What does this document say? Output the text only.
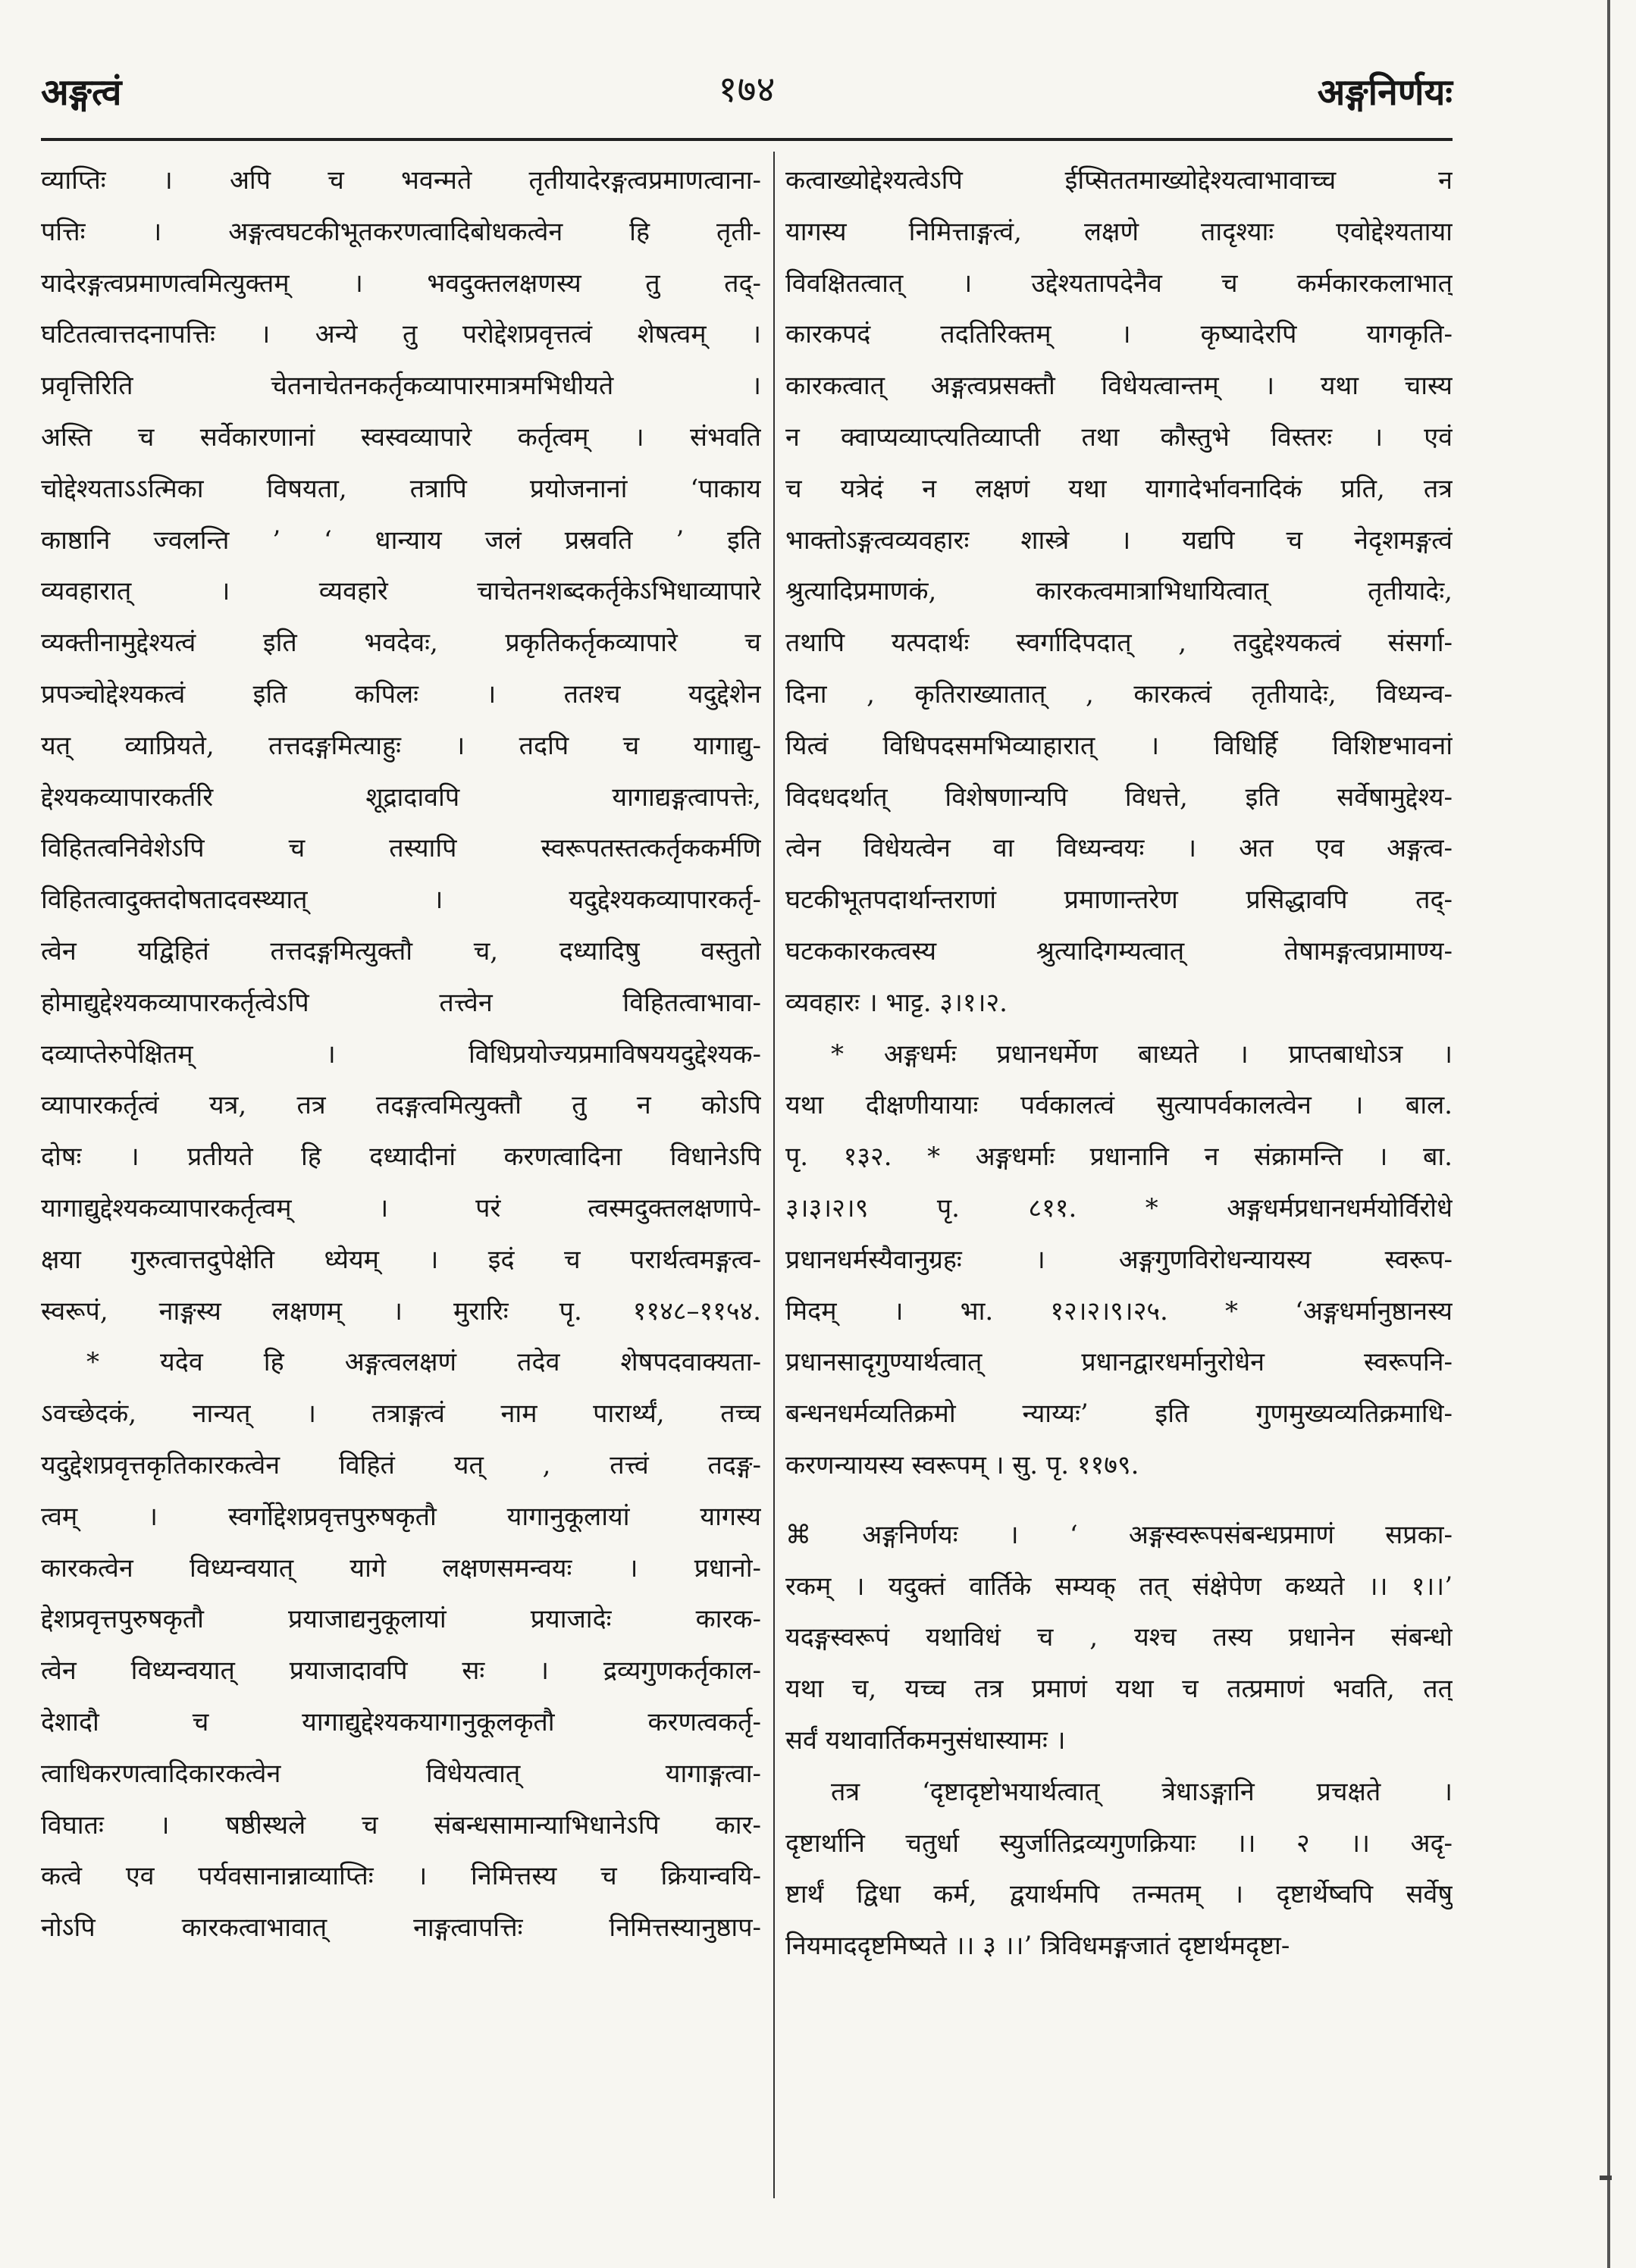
अङ्गत्वं	१७४	अङ्गनिर्णयः
व्याप्तिः । अपि च भवन्मते तृतीयादेरङ्गत्वप्रमाणत्वाना-
पत्तिः । अङ्गत्वघटकीभूतकरणत्वादिबोधकत्वेन हि तृती-
यादेरङ्गत्वप्रमाणत्वमित्युक्तम् । भवदुक्तलक्षणस्य तु तद्-
घटितत्वात्तदनापत्तिः । अन्ये तु परोद्देशप्रवृत्तत्वं शेषत्वम् ।
प्रवृत्तिरिति चेतनाचेतनकर्तृकव्यापारमात्रमभिधीयते ।
अस्ति च सर्वेकारणानां स्वस्वव्यापारे कर्तृत्वम् । संभवति
चोद्देश्यताऽऽत्मिका विषयता, तत्रापि प्रयोजनानां ‘पाकाय
काष्ठानि ज्वलन्ति ’ ‘ धान्याय जलं प्रस्रवति ’ इति
व्यवहारात् । व्यवहारे चाचेतनशब्दकर्तृकेऽभिधाव्यापारे
व्यक्तीनामुद्देश्यत्वं इति भवदेवः, प्रकृतिकर्तृकव्यापारे च
प्रपञ्चोद्देश्यकत्वं इति कपिलः । ततश्च यदुद्देशेन
यत् व्याप्रियते, तत्तदङ्गमित्याहुः । तदपि च यागाद्यु-
द्देश्यकव्यापारकर्तरि शूद्रादावपि यागाद्यङ्गत्वापत्तेः,
विहितत्वनिवेशेऽपि च तस्यापि स्वरूपतस्तत्कर्तृककर्मणि
विहितत्वादुक्तदोषतादवस्थ्यात् । यदुद्देश्यकव्यापारकर्तृ-
त्वेन यद्विहितं तत्तदङ्गमित्युक्तौ च, दध्यादिषु वस्तुतो
होमाद्युद्देश्यकव्यापारकर्तृत्वेऽपि तत्त्वेन विहितत्वाभावा-
दव्याप्तेरुपेक्षितम् । विधिप्रयोज्यप्रमाविषययदुद्देश्यक-
व्यापारकर्तृत्वं यत्र, तत्र तदङ्गत्वमित्युक्तौ तु न कोऽपि
दोषः । प्रतीयते हि दध्यादीनां करणत्वादिना विधानेऽपि
यागाद्युद्देश्यकव्यापारकर्तृत्वम् । परं त्वस्मदुक्तलक्षणापे-
क्षया गुरुत्वात्तदुपेक्षेति ध्येयम् । इदं च परार्थत्वमङ्गत्व-
स्वरूपं, नाङ्गस्य लक्षणम् । मुरारिः पृ. ११४८–११५४.
* यदेव हि अङ्गत्वलक्षणं तदेव शेषपदवाक्यता-
ऽवच्छेदकं, नान्यत् । तत्राङ्गत्वं नाम पारार्थ्यं, तच्च
यदुद्देशप्रवृत्तकृतिकारकत्वेन विहितं यत् , तत्त्वं तदङ्ग-
त्वम् । स्वर्गोद्देशप्रवृत्तपुरुषकृतौ यागानुकूलायां यागस्य
कारकत्वेन विध्यन्वयात् यागे लक्षणसमन्वयः । प्रधानो-
द्देशप्रवृत्तपुरुषकृतौ प्रयाजाद्यनुकूलायां प्रयाजादेः कारक-
त्वेन विध्यन्वयात् प्रयाजादावपि सः । द्रव्यगुणकर्तृकाल-
देशादौ च यागाद्युद्देश्यकयागानुकूलकृतौ करणत्वकर्तृ-
त्वाधिकरणत्वादिकारकत्वेन विधेयत्वात् यागाङ्गत्वा-
विघातः । षष्ठीस्थले च संबन्धसामान्याभिधानेऽपि कार-
कत्वे एव पर्यवसानान्नाव्याप्तिः । निमित्तस्य च क्रियान्वयि-
नोऽपि कारकत्वाभावात् नाङ्गत्वापत्तिः निमित्तस्यानुष्ठाप-
कत्वाख्योद्देश्यत्वेऽपि ईप्सिततमाख्योद्देश्यत्वाभावाच्च न
यागस्य निमित्ताङ्गत्वं, लक्षणे तादृश्याः एवोद्देश्यताया
विवक्षितत्वात् । उद्देश्यतापदेनैव च कर्मकारकलाभात्
कारकपदं तदतिरिक्तम् । कृष्यादेरपि यागकृति-
कारकत्वात् अङ्गत्वप्रसक्तौ विधेयत्वान्तम् । यथा चास्य
न क्वाप्यव्याप्त्यतिव्याप्ती तथा कौस्तुभे विस्तरः । एवं
च यत्रेदं न लक्षणं यथा यागादेर्भावनादिकं प्रति, तत्र
भाक्तोऽङ्गत्वव्यवहारः शास्त्रे । यद्यपि च नेदृशमङ्गत्वं
श्रुत्यादिप्रमाणकं, कारकत्वमात्राभिधायित्वात् तृतीयादेः,
तथापि यत्पदार्थः स्वर्गादिपदात् , तदुद्देश्यकत्वं संसर्गा-
दिना , कृतिराख्यातात् , कारकत्वं तृतीयादेः, विध्यन्व-
यित्वं विधिपदसमभिव्याहारात् । विधिर्हि विशिष्टभावनां
विदधदर्थात् विशेषणान्यपि विधत्ते, इति सर्वेषामुद्देश्य-
त्वेन विधेयत्वेन वा विध्यन्वयः । अत एव अङ्गत्व-
घटकीभूतपदार्थान्तराणां प्रमाणान्तरेण प्रसिद्धावपि तद्-
घटककारकत्वस्य श्रुत्यादिगम्यत्वात् तेषामङ्गत्वप्रामाण्य-
व्यवहारः । भाट्ट. ३।१।२.
* अङ्गधर्मः प्रधानधर्मेण बाध्यते । प्राप्तबाधोऽत्र ।
यथा दीक्षणीयायाः पर्वकालत्वं सुत्यापर्वकालत्वेन । बाल.
पृ. १३२. * अङ्गधर्माः प्रधानानि न संक्रामन्ति । बा.
३।३।२।९ पृ. ८११. * अङ्गधर्मप्रधानधर्मयोर्विरोधे
प्रधानधर्मस्यैवानुग्रहः । अङ्गगुणविरोधन्यायस्य स्वरूप-
मिदम् । भा. १२।२।९।२५. * ‘अङ्गधर्मानुष्ठानस्य
प्रधानसादृगुण्यार्थत्वात् प्रधानद्वारधर्मानुरोधेन स्वरूपनि-
बन्धनधर्मव्यतिक्रमो न्याय्यः’ इति गुणमुख्यव्यतिक्रमाधि-
करणन्यायस्य स्वरूपम् । सु. पृ. ११७९.
⌘ अङ्गनिर्णयः । ‘ अङ्गस्वरूपसंबन्धप्रमाणं सप्रका-
रकम् । यदुक्तं वार्तिके सम्यक् तत् संक्षेपेण कथ्यते ।। १।।’
यदङ्गस्वरूपं यथाविधं च , यश्च तस्य प्रधानेन संबन्धो
यथा च, यच्च तत्र प्रमाणं यथा च तत्प्रमाणं भवति, तत्
सर्वं यथावार्तिकमनुसंधास्यामः ।
तत्र ‘दृष्टादृष्टोभयार्थत्वात् त्रेधाऽङ्गानि प्रचक्षते ।
दृष्टार्थानि चतुर्धा स्युर्जातिद्रव्यगुणक्रियाः ।। २ ।। अदृ-
ष्टार्थं द्विधा कर्म, द्वयार्थमपि तन्मतम् । दृष्टार्थेष्वपि सर्वेषु
नियमाददृष्टमिष्यते ।। ३ ।।’ त्रिविधमङ्गजातं दृष्टार्थमदृष्टा-
